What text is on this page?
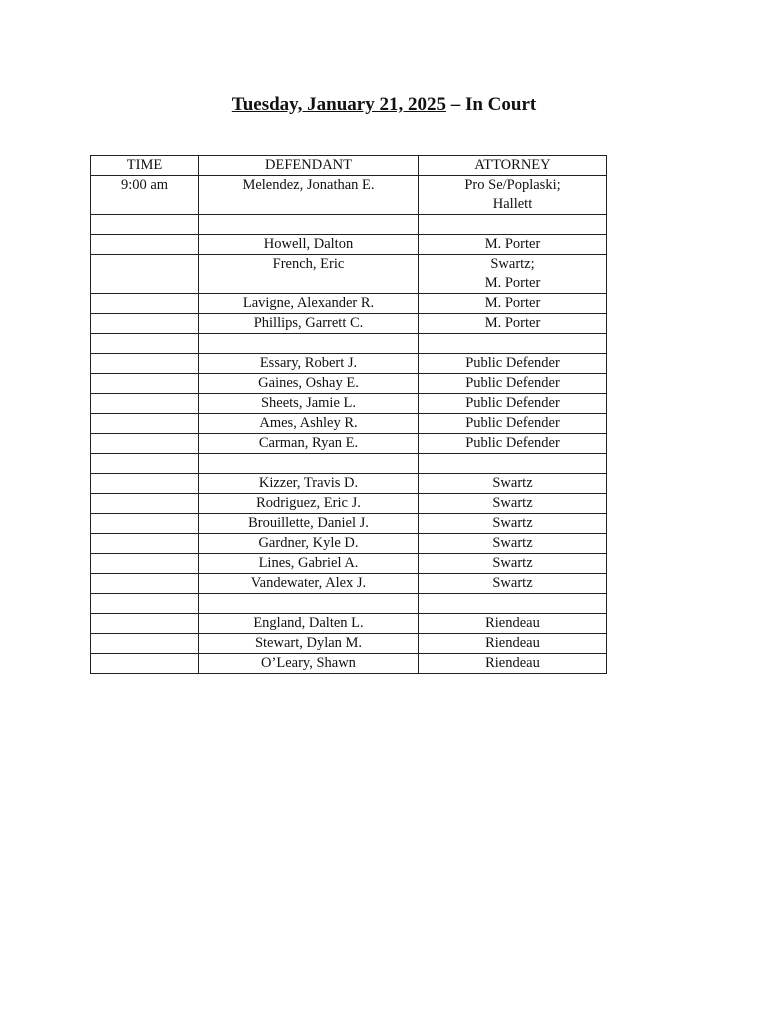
Tuesday, January 21, 2025 – In Court
TIME	DEFENDANT	ATTORNEY
9:00 am	Melendez, Jonathan E.	Pro Se/Poplaski;
Hallett

	Howell, Dalton	M. Porter

	French, Eric	Swartz;
M. Porter

	Lavigne, Alexander R.	M. Porter

	Phillips, Garrett C.	M. Porter

	Essary, Robert J.	Public Defender

	Gaines, Oshay E.	Public Defender

	Sheets, Jamie L.	Public Defender

	Ames, Ashley R.	Public Defender

	Carman, Ryan E.	Public Defender

	Kizzer, Travis D.	Swartz

	Rodriguez, Eric J.	Swartz

	Brouillette, Daniel J.	Swartz

	Gardner, Kyle D.	Swartz

	Lines, Gabriel A.	Swartz

	Vandewater, Alex J.	Swartz

	England, Dalten L.	Riendeau

	Stewart, Dylan M.	Riendeau

	O’Leary, Shawn	Riendeau
